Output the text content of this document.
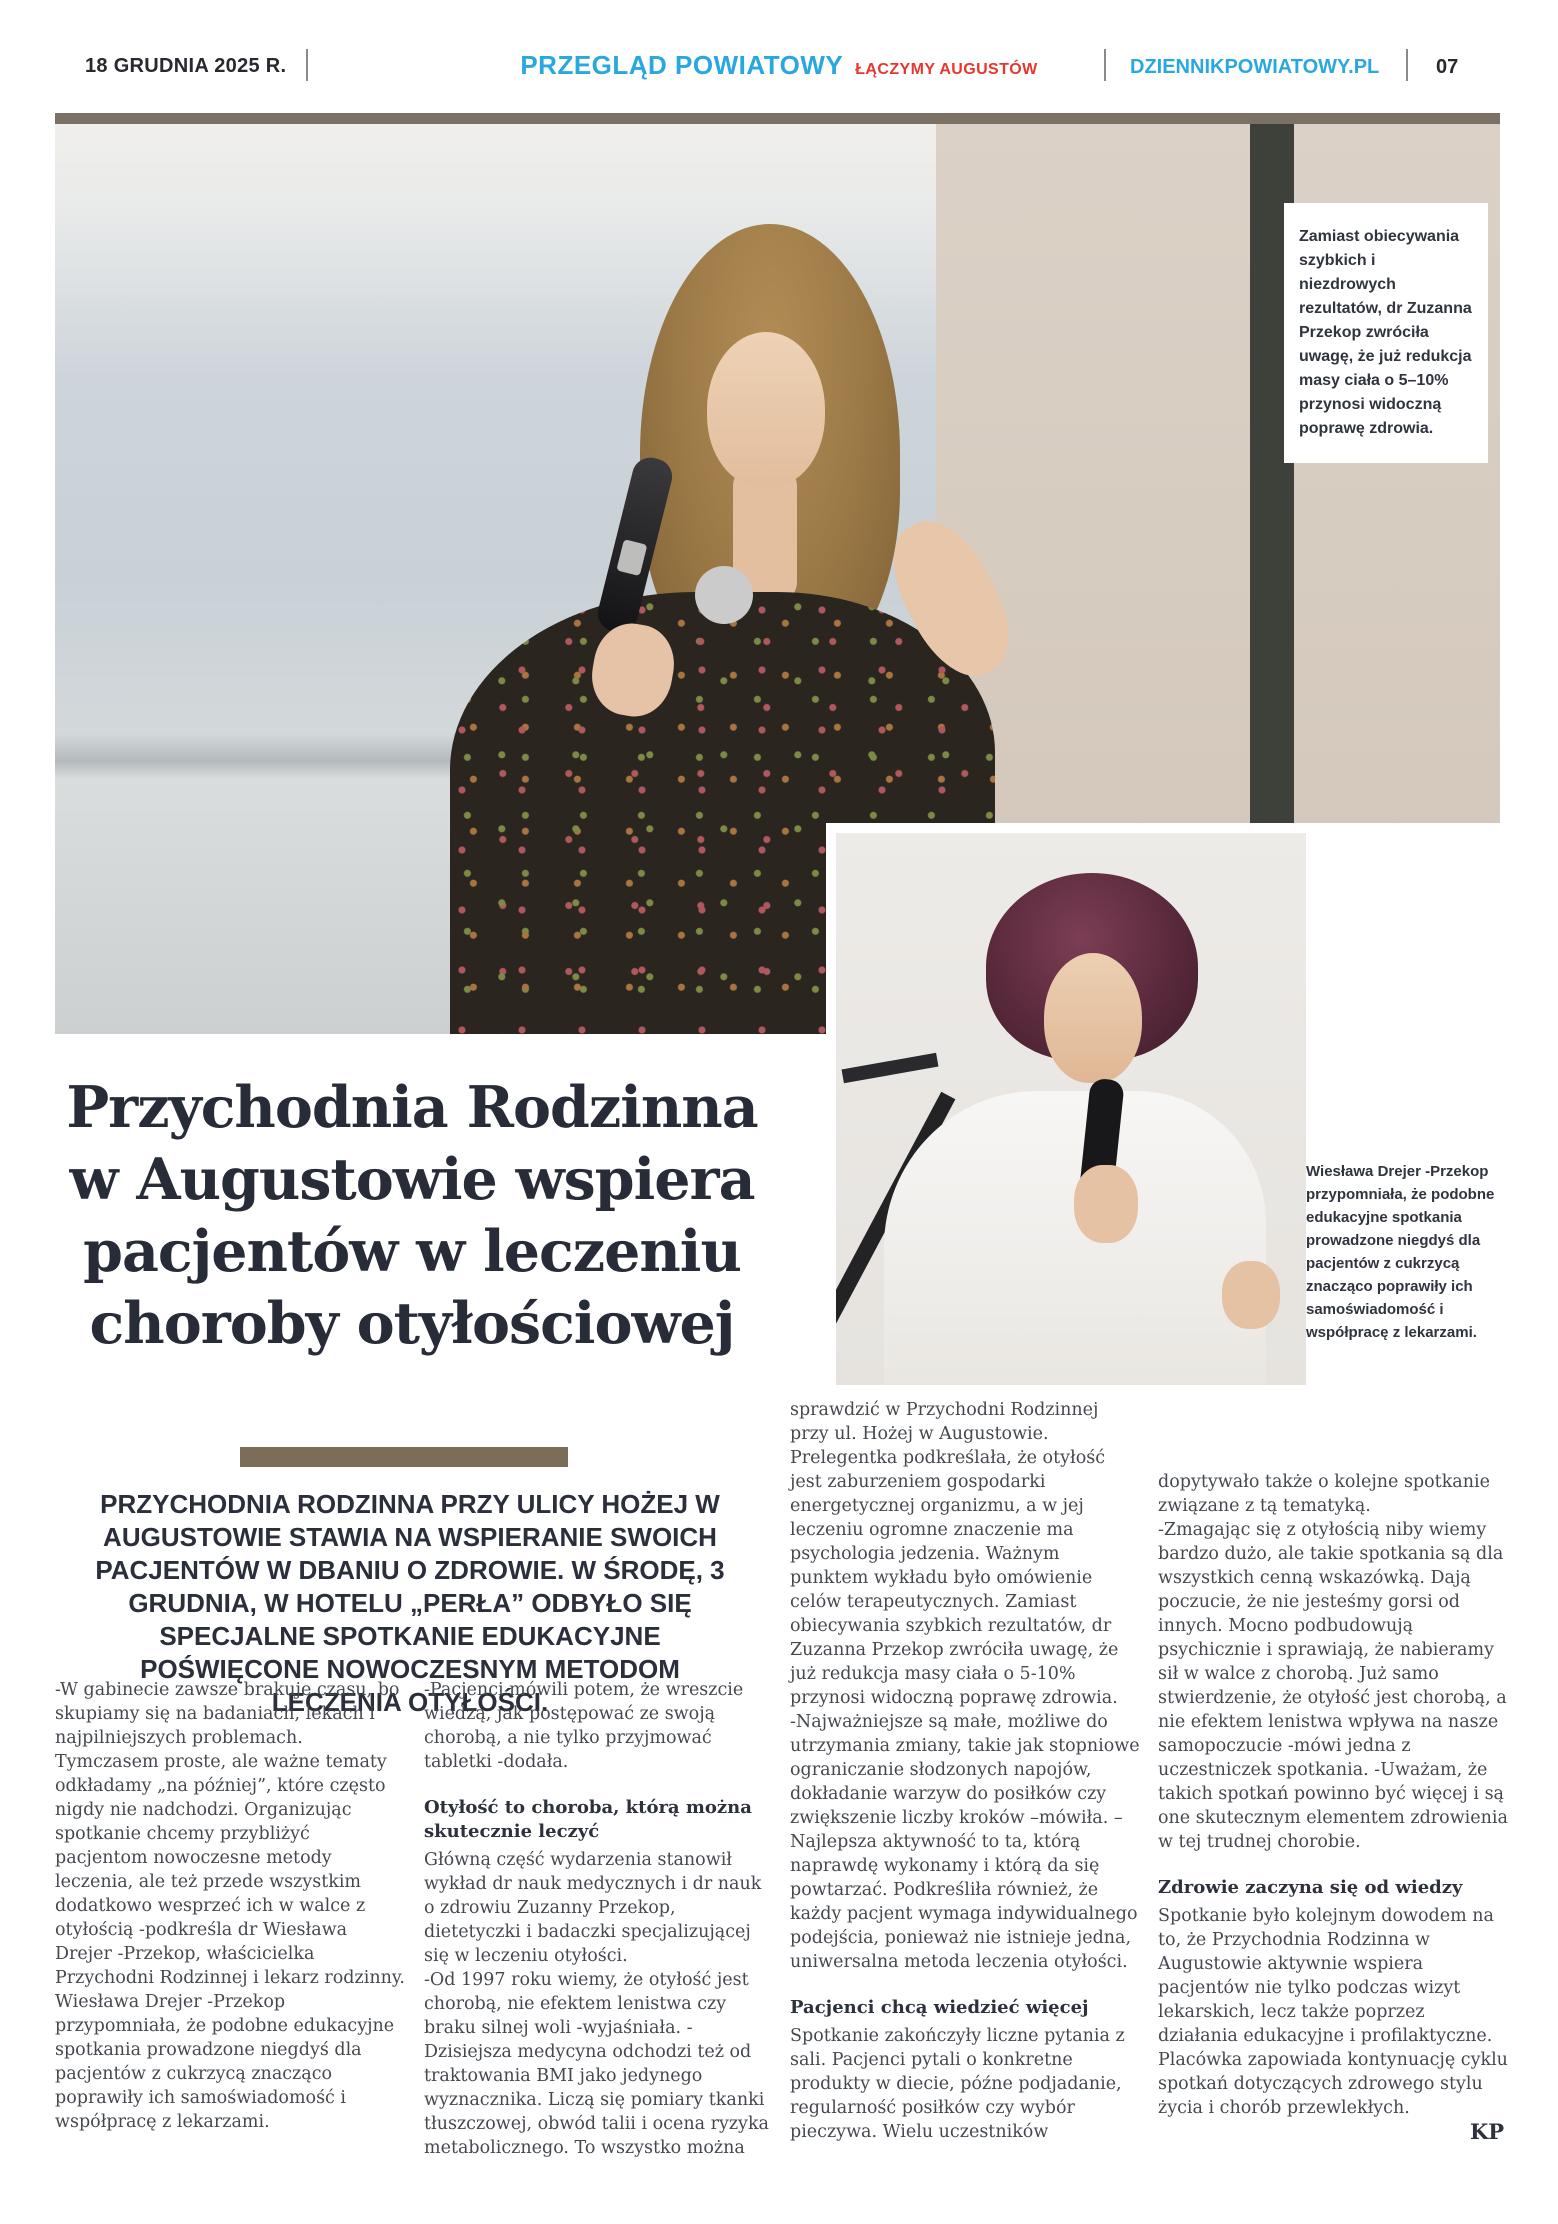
18 GRUDNIA 2025 R.	PRZEGLĄD POWIATOWY ŁĄCZYMY AUGUSTÓW	DZIENNIKPOWIATOWY.PL	07
Zamiast obiecywania szybkich i niezdrowych rezultatów, dr Zuzanna Przekop zwróciła uwagę, że już redukcja masy ciała o 5–10% przynosi widoczną poprawę zdrowia.
Przychodnia Rodzinna
w Augustowie wspiera
pacjentów w leczeniu
choroby otyłościowej

PRZYCHODNIA RODZINNA PRZY ULICY HOŻEJ W AUGUSTOWIE STAWIA NA WSPIERANIE SWOICH PACJENTÓW W DBANIU O ZDROWIE. W ŚRODĘ, 3 GRUDNIA, W HOTELU „PERŁA” ODBYŁO SIĘ SPECJALNE SPOTKANIE EDUKACYJNE POŚWIĘCONE NOWOCZESNYM METODOM LECZENIA OTYŁOŚCI.

Wiesława Drejer -Przekop przypomniała, że podobne edukacyjne spotkania prowadzone niegdyś dla pacjentów z cukrzycą znacząco poprawiły ich samoświadomość i współpracę z lekarzami.

-W gabinecie zawsze brakuje czasu, bo skupiamy się na badaniach, lekach i najpilniejszych problemach. Tymczasem proste, ale ważne tematy odkładamy „na później”, które często nigdy nie nadchodzi. Organizując spotkanie chcemy przybliżyć pacjentom nowoczesne metody leczenia, ale też przede wszystkim dodatkowo wesprzeć ich w walce z otyłością -podkreśla dr Wiesława Drejer -Przekop, właścicielka Przychodni Rodzinnej i lekarz rodzinny.

Wiesława Drejer -Przekop przypomniała, że podobne edukacyjne spotkania prowadzone niegdyś dla pacjentów z cukrzycą znacząco poprawiły ich samoświadomość i współpracę z lekarzami.

-Pacjenci mówili potem, że wreszcie wiedzą, jak postępować ze swoją chorobą, a nie tylko przyjmować tabletki -dodała.

Otyłość to choroba, którą można skutecznie leczyć

Główną część wydarzenia stanowił wykład dr nauk medycznych i dr nauk o zdrowiu Zuzanny Przekop, dietetyczki i badaczki specjalizującej się w leczeniu otyłości.

-Od 1997 roku wiemy, że otyłość jest chorobą, nie efektem lenistwa czy braku silnej woli -wyjaśniała. -Dzisiejsza medycyna odchodzi też od traktowania BMI jako jedynego wyznacznika. Liczą się pomiary tkanki tłuszczowej, obwód talii i ocena ryzyka metabolicznego. To wszystko można

sprawdzić w Przychodni Rodzinnej przy ul. Hożej w Augustowie. Prelegentka podkreślała, że otyłość jest zaburzeniem gospodarki energetycznej organizmu, a w jej leczeniu ogromne znaczenie ma psychologia jedzenia. Ważnym punktem wykładu było omówienie celów terapeutycznych. Zamiast obiecywania szybkich rezultatów, dr Zuzanna Przekop zwróciła uwagę, że już redukcja masy ciała o 5-10% przynosi widoczną poprawę zdrowia.

-Najważniejsze są małe, możliwe do utrzymania zmiany, takie jak stopniowe ograniczanie słodzonych napojów, dokładanie warzyw do posiłków czy zwiększenie liczby kroków –mówiła. –Najlepsza aktywność to ta, którą naprawdę wykonamy i którą da się powtarzać. Podkreśliła również, że każdy pacjent wymaga indywidualnego podejścia, ponieważ nie istnieje jedna, uniwersalna metoda leczenia otyłości.

Pacjenci chcą wiedzieć więcej

Spotkanie zakończyły liczne pytania z sali. Pacjenci pytali o konkretne produkty w diecie, późne podjadanie, regularność posiłków czy wybór pieczywa. Wielu uczestników

dopytywało także o kolejne spotkanie związane z tą tematyką.

-Zmagając się z otyłością niby wiemy bardzo dużo, ale takie spotkania są dla wszystkich cenną wskazówką. Dają poczucie, że nie jesteśmy gorsi od innych. Mocno podbudowują psychicznie i sprawiają, że nabieramy sił w walce z chorobą. Już samo stwierdzenie, że otyłość jest chorobą, a nie efektem lenistwa wpływa na nasze samopoczucie -mówi jedna z uczestniczek spotkania. -Uważam, że takich spotkań powinno być więcej i są one skutecznym elementem zdrowienia w tej trudnej chorobie.

Zdrowie zaczyna się od wiedzy

Spotkanie było kolejnym dowodem na to, że Przychodnia Rodzinna w Augustowie aktywnie wspiera pacjentów nie tylko podczas wizyt lekarskich, lecz także poprzez działania edukacyjne i profilaktyczne. Placówka zapowiada kontynuację cyklu spotkań dotyczących zdrowego stylu życia i chorób przewlekłych.

KP
